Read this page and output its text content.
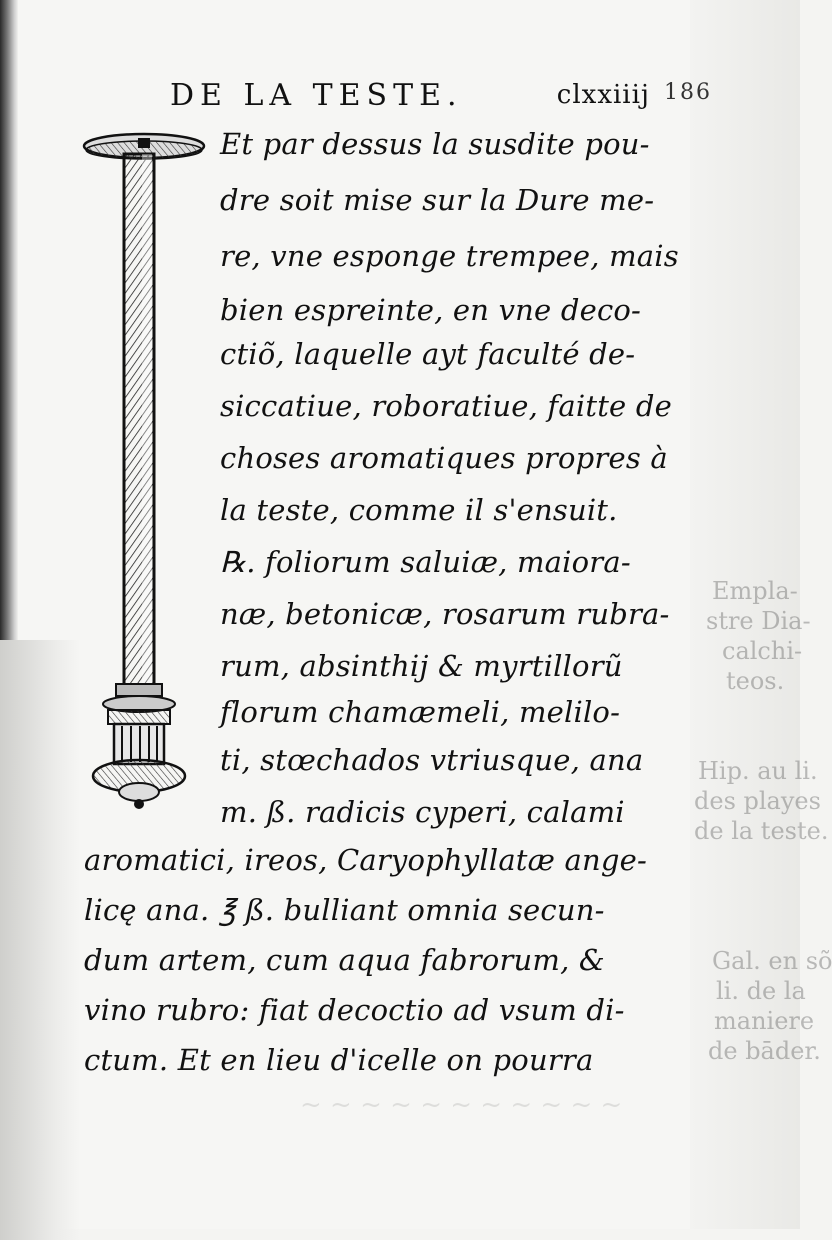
~ ~ ~ ~ ~ ~ ~ ~ ~ ~ ~
DE LA TESTE.	clxxiiij 186
Et par dessus la susdite pou-
dre soit mise sur la Dure me-
re, vne esponge trempee, mais
bien espreinte, en vne deco-
ctiõ, laquelle ayt faculté de-
siccatiue, roboratiue, faitte de
choses aromatiques propres à
la teste, comme il s'ensuit.
℞. foliorum saluiæ, maiora-
næ, betonicæ, rosarum rubra-
rum, absinthij & myrtillorũ
florum chamæmeli, melilo-
ti, stœchados vtriusque, ana
m. ß. radicis cyperi, calami
aromatici, ireos, Caryophyllatæ ange-
licę ana. ℥ ß. bulliant omnia secun-
dum artem, cum aqua fabrorum, &
vino rubro: fiat decoctio ad vsum di-
ctum. Et en lieu d'icelle on pourra
Empla-
stre Dia-
calchi-
teos.
Hip. au li.
des playes
de la teste.
Gal. en sõ
li. de la
maniere
de bāder.
